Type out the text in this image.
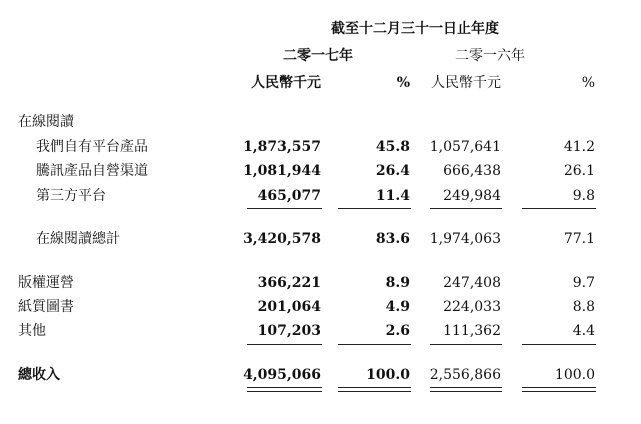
截至十二月三十一日止年度
二零一七年	二零一六年
人民幣千元	% 人民幣千元	%
在線閱讀
我們自有平台產品	1,873,557	45.8 1,057,641	41.2
騰訊產品自營渠道	1,081,944	26.4 666,438	26.1
第三方平台	465,077	11.4 249,984	9.8
在線閱讀總計	3,420,578	83.6 1,974,063	77.1
版權運營	366,221	8.9 247,408	9.7
紙質圖書	201,064	4.9 224,033	8.8
其他	107,203	2.6 111,362	4.4
總收入	4,095,066	100.0 2,556,866	100.0
